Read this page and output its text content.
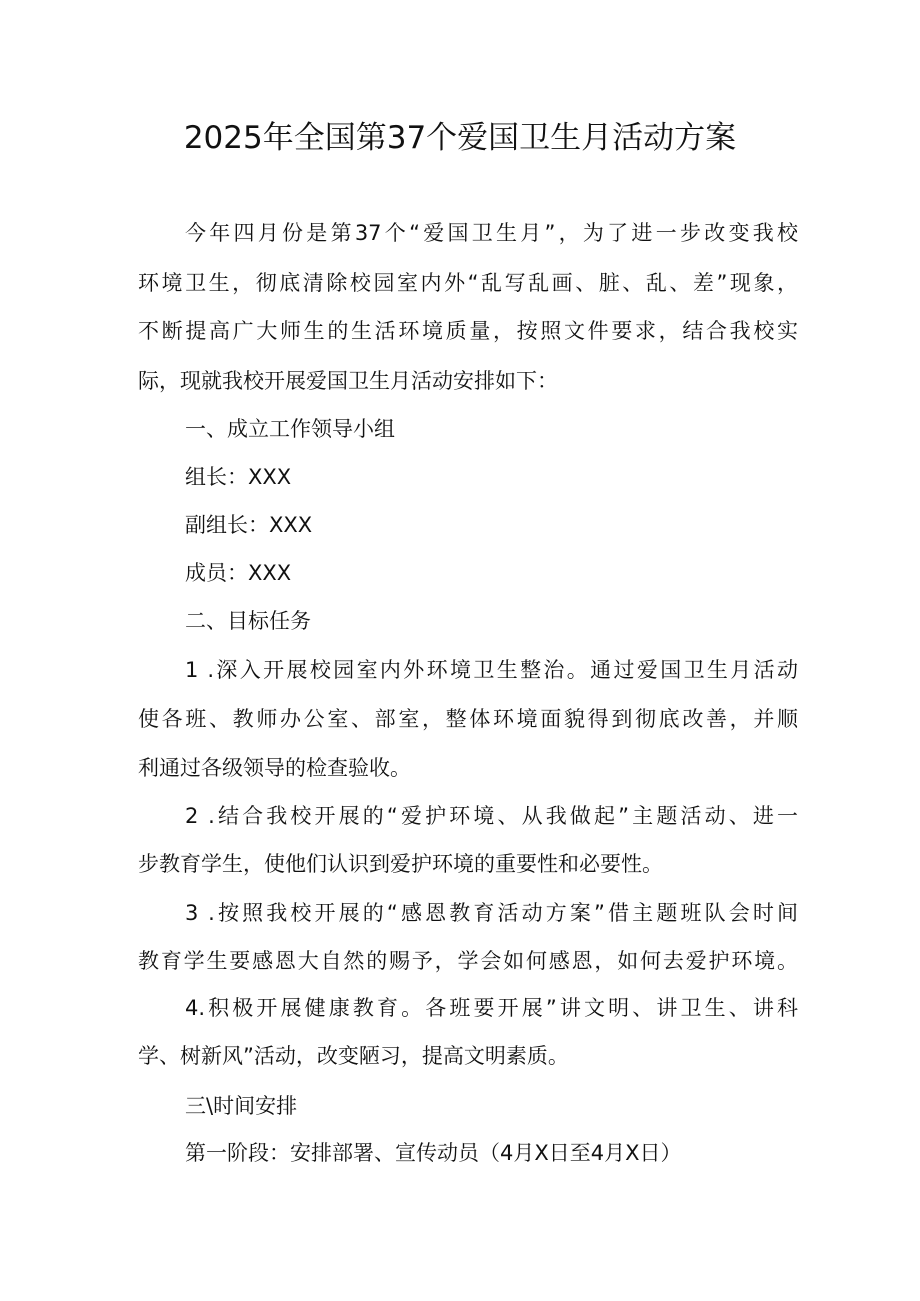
2025年全国第37个爱国卫生月活动方案
今年四月份是第37个“爱国卫生月”，为了进一步改变我校
环境卫生，彻底清除校园室内外“乱写乱画、脏、乱、差”现象，
不断提高广大师生的生活环境质量，按照文件要求，结合我校实
际，现就我校开展爱国卫生月活动安排如下：
一、成立工作领导小组
组长：XXX
副组长：XXX
成员：XXX
二、目标任务
1 .深入开展校园室内外环境卫生整治。通过爱国卫生月活动
使各班、教师办公室、部室，整体环境面貌得到彻底改善，并顺
利通过各级领导的检查验收。
2 .结合我校开展的“爱护环境、从我做起”主题活动、进一
步教育学生，使他们认识到爱护环境的重要性和必要性。
3 .按照我校开展的“感恩教育活动方案”借主题班队会时间
教育学生要感恩大自然的赐予，学会如何感恩，如何去爱护环境。
4.积极开展健康教育。各班要开展”讲文明、讲卫生、讲科
学、树新风”活动，改变陋习，提高文明素质。
三\时间安排
第一阶段：安排部署、宣传动员（4月X日至4月X日）
